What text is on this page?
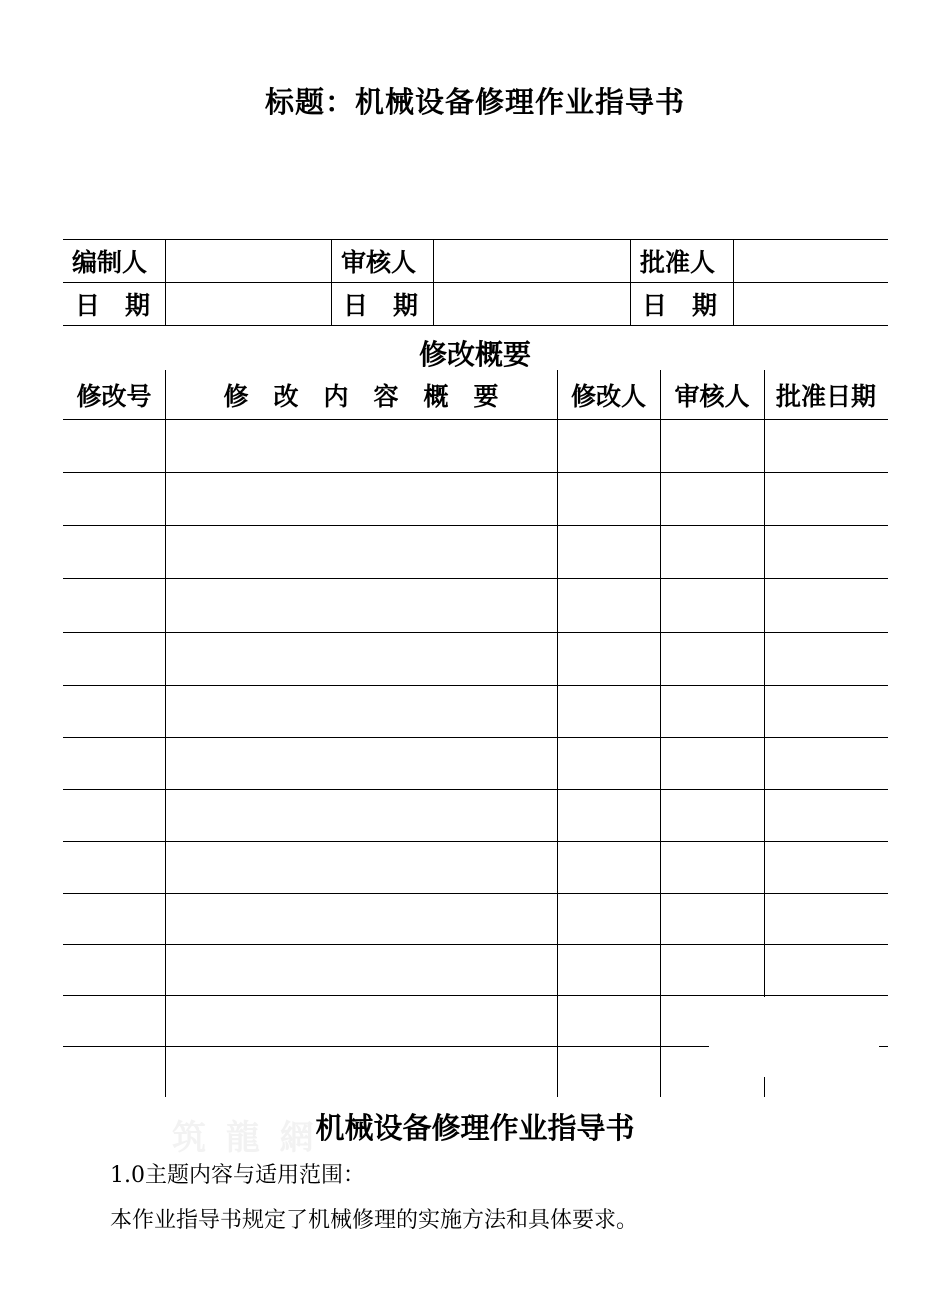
标题：机械设备修理作业指导书
编制人	审核人	批准人
日　期	日　期	日　期
修改概要
修改号	修　改　内　容　概　要	修改人	审核人	批准日期
筑 龍 網
机械设备修理作业指导书
1.0主题内容与适用范围：
本作业指导书规定了机械修理的实施方法和具体要求。
